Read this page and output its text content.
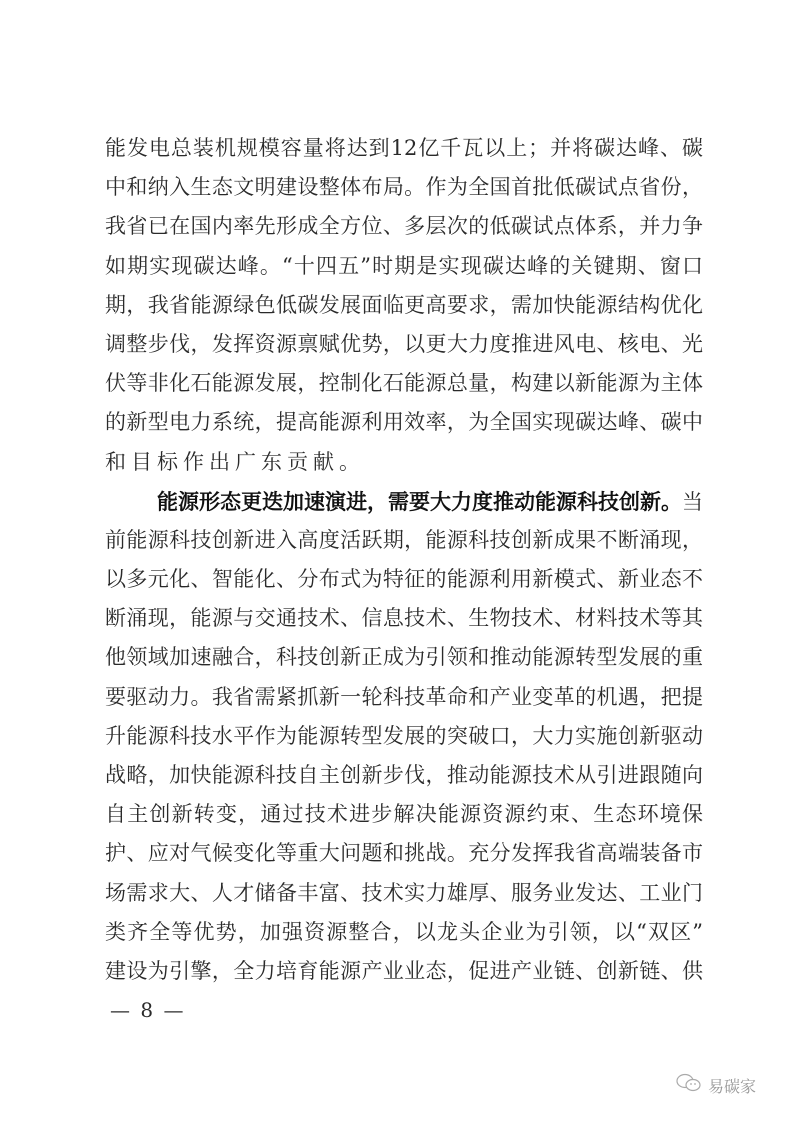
能发电总装机规模容量将达到12亿千瓦以上；并将碳达峰、碳
中和纳入生态文明建设整体布局。作为全国首批低碳试点省份，
我省已在国内率先形成全方位、多层次的低碳试点体系，并力争
如期实现碳达峰。“十四五”时期是实现碳达峰的关键期、窗口
期，我省能源绿色低碳发展面临更高要求，需加快能源结构优化
调整步伐，发挥资源禀赋优势，以更大力度推进风电、核电、光
伏等非化石能源发展，控制化石能源总量，构建以新能源为主体
的新型电力系统，提高能源利用效率，为全国实现碳达峰、碳中
和目标作出广东贡献。
能源形态更迭加速演进，需要大力度推动能源科技创新。当
前能源科技创新进入高度活跃期，能源科技创新成果不断涌现，
以多元化、智能化、分布式为特征的能源利用新模式、新业态不
断涌现，能源与交通技术、信息技术、生物技术、材料技术等其
他领域加速融合，科技创新正成为引领和推动能源转型发展的重
要驱动力。我省需紧抓新一轮科技革命和产业变革的机遇，把提
升能源科技水平作为能源转型发展的突破口，大力实施创新驱动
战略，加快能源科技自主创新步伐，推动能源技术从引进跟随向
自主创新转变，通过技术进步解决能源资源约束、生态环境保
护、应对气候变化等重大问题和挑战。充分发挥我省高端装备市
场需求大、人才储备丰富、技术实力雄厚、服务业发达、工业门
类齐全等优势，加强资源整合，以龙头企业为引领，以“双区”
建设为引擎，全力培育能源产业业态，促进产业链、创新链、供
— 8 —
易碳家
